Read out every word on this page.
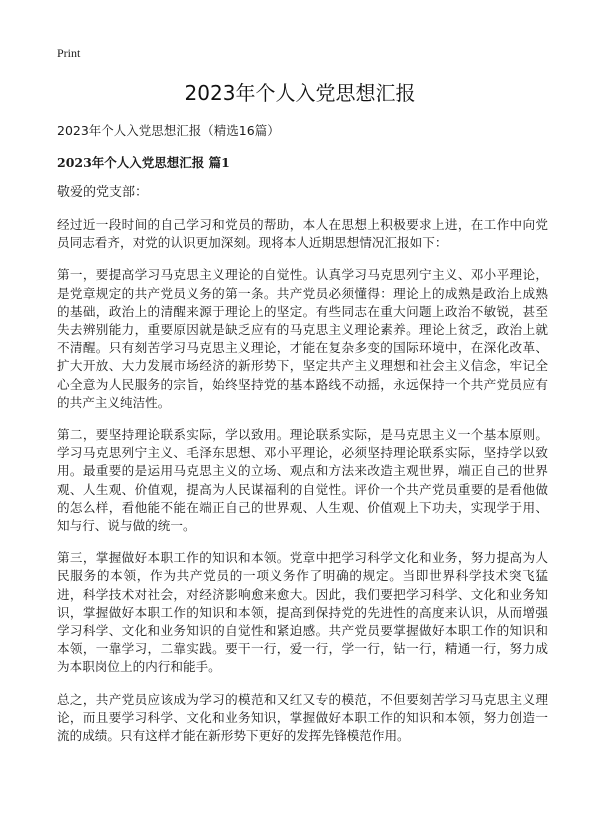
Print
2023年个人入党思想汇报

2023年个人入党思想汇报（精选16篇）

2023年个人入党思想汇报 篇1

敬爱的党支部：

经过近一段时间的自己学习和党员的帮助，本人在思想上积极要求上进，在工作中向党员同志看齐，对党的认识更加深刻。现将本人近期思想情况汇报如下：

第一，要提高学习马克思主义理论的自觉性。认真学习马克思列宁主义、邓小平理论，是党章规定的共产党员义务的第一条。共产党员必须懂得：理论上的成熟是政治上成熟的基础，政治上的清醒来源于理论上的坚定。有些同志在重大问题上政治不敏锐，甚至失去辨别能力，重要原因就是缺乏应有的马克思主义理论素养。理论上贫乏，政治上就不清醒。只有刻苦学习马克思主义理论，才能在复杂多变的国际环境中，在深化改革、扩大开放、大力发展市场经济的新形势下，坚定共产主义理想和社会主义信念，牢记全心全意为人民服务的宗旨，始终坚持党的基本路线不动摇，永远保持一个共产党员应有的共产主义纯洁性。

第二，要坚持理论联系实际，学以致用。理论联系实际，是马克思主义一个基本原则。学习马克思列宁主义、毛泽东思想、邓小平理论，必须坚持理论联系实际，坚持学以致用。最重要的是运用马克思主义的立场、观点和方法来改造主观世界，端正自己的世界观、人生观、价值观，提高为人民谋福利的自觉性。评价一个共产党员重要的是看他做的怎么样，看他能不能在端正自己的世界观、人生观、价值观上下功夫，实现学于用、知与行、说与做的统一。

第三，掌握做好本职工作的知识和本领。党章中把学习科学文化和业务，努力提高为人民服务的本领，作为共产党员的一项义务作了明确的规定。当即世界科学技术突飞猛进，科学技术对社会，对经济影响愈来愈大。因此，我们要把学习科学、文化和业务知识，掌握做好本职工作的知识和本领，提高到保持党的先进性的高度来认识，从而增强学习科学、文化和业务知识的自觉性和紧迫感。共产党员要掌握做好本职工作的知识和本领，一靠学习，二靠实践。要干一行，爱一行，学一行，钻一行，精通一行，努力成为本职岗位上的内行和能手。

总之，共产党员应该成为学习的模范和又红又专的模范，不但要刻苦学习马克思主义理论，而且要学习科学、文化和业务知识，掌握做好本职工作的知识和本领，努力创造一流的成绩。只有这样才能在新形势下更好的发挥先锋模范作用。
